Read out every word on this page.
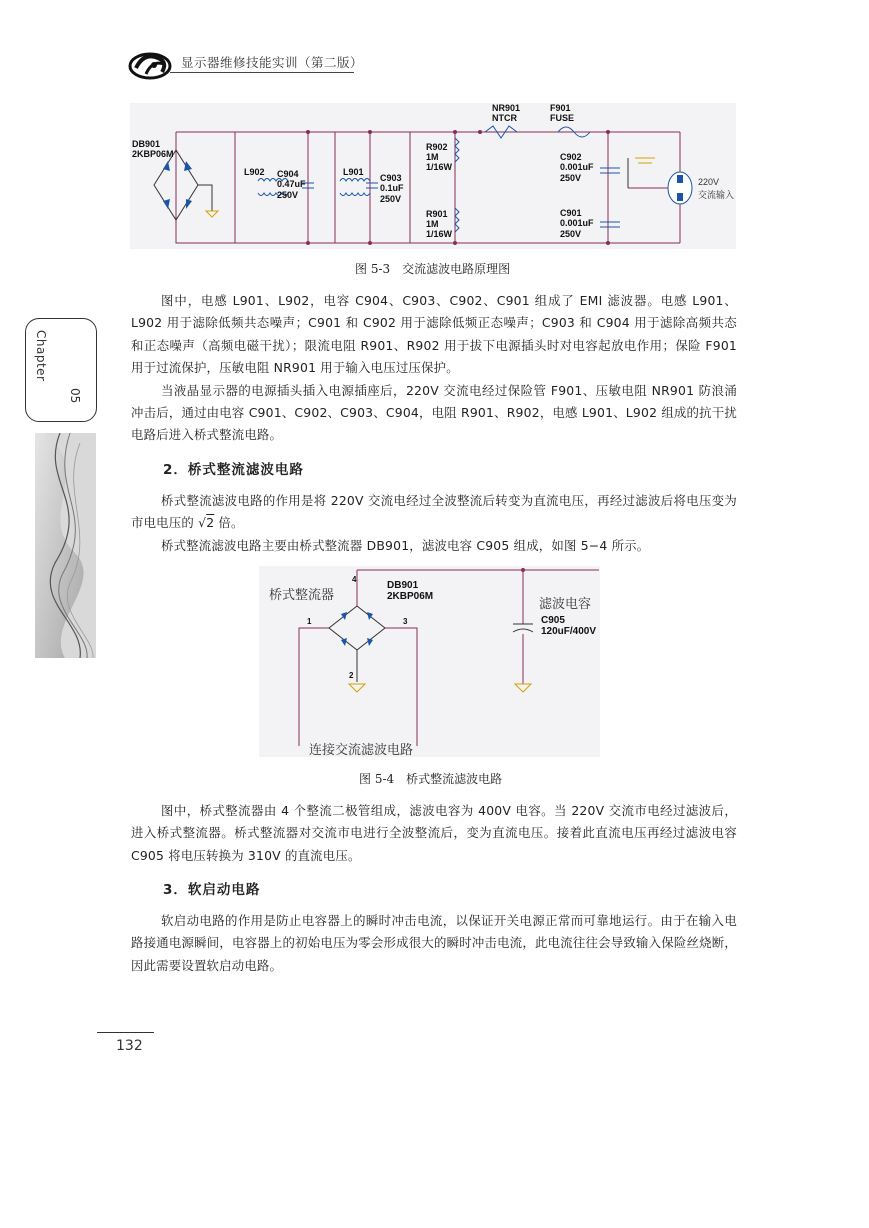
显示器维修技能实训（第二版）
Chapter
05
DB901
2KBP06M
L902 C904
0.47uF
250V
L901
C903
0.1uF
250V
R902
1M
1/16W
R901
1M
1/16W
NR901
NTCR
F901
FUSE
C902
0.001uF
250V
C901
0.001uF
250V
220V
交流输入
图 5-3　交流滤波电路原理图

图中，电感 L901、L902，电容 C904、C903、C902、C901 组成了 EMI 滤波器。电感 L901、L902 用于滤除低频共态噪声；C901 和 C902 用于滤除低频正态噪声；C903 和 C904 用于滤除高频共态和正态噪声（高频电磁干扰）；限流电阻 R901、R902 用于拔下电源插头时对电容起放电作用；保险 F901 用于过流保护，压敏电阻 NR901 用于输入电压过压保护。

当液晶显示器的电源插头插入电源插座后，220V 交流电经过保险管 F901、压敏电阻 NR901 防浪涌冲击后，通过由电容 C901、C902、C903、C904，电阻 R901、R902，电感 L901、L902 组成的抗干扰电路后进入桥式整流电路。

2．桥式整流滤波电路

桥式整流滤波电路的作用是将 220V 交流电经过全波整流后转变为直流电压，再经过滤波后将电压变为市电电压的 √2 倍。

桥式整流滤波电路主要由桥式整流器 DB901，滤波电容 C905 组成，如图 5−4 所示。

DB901
2KBP06M
C905
120uF/400V
4
1	3
2
桥式整流器
滤波电容
连接交流滤波电路
图 5-4　桥式整流滤波电路

图中，桥式整流器由 4 个整流二极管组成，滤波电容为 400V 电容。当 220V 交流市电经过滤波后，进入桥式整流器。桥式整流器对交流市电进行全波整流后，变为直流电压。接着此直流电压再经过滤波电容 C905 将电压转换为 310V 的直流电压。

3．软启动电路

软启动电路的作用是防止电容器上的瞬时冲击电流，以保证开关电源正常而可靠地运行。由于在输入电路接通电源瞬间，电容器上的初始电压为零会形成很大的瞬时冲击电流，此电流往往会导致输入保险丝烧断，因此需要设置软启动电路。

132
